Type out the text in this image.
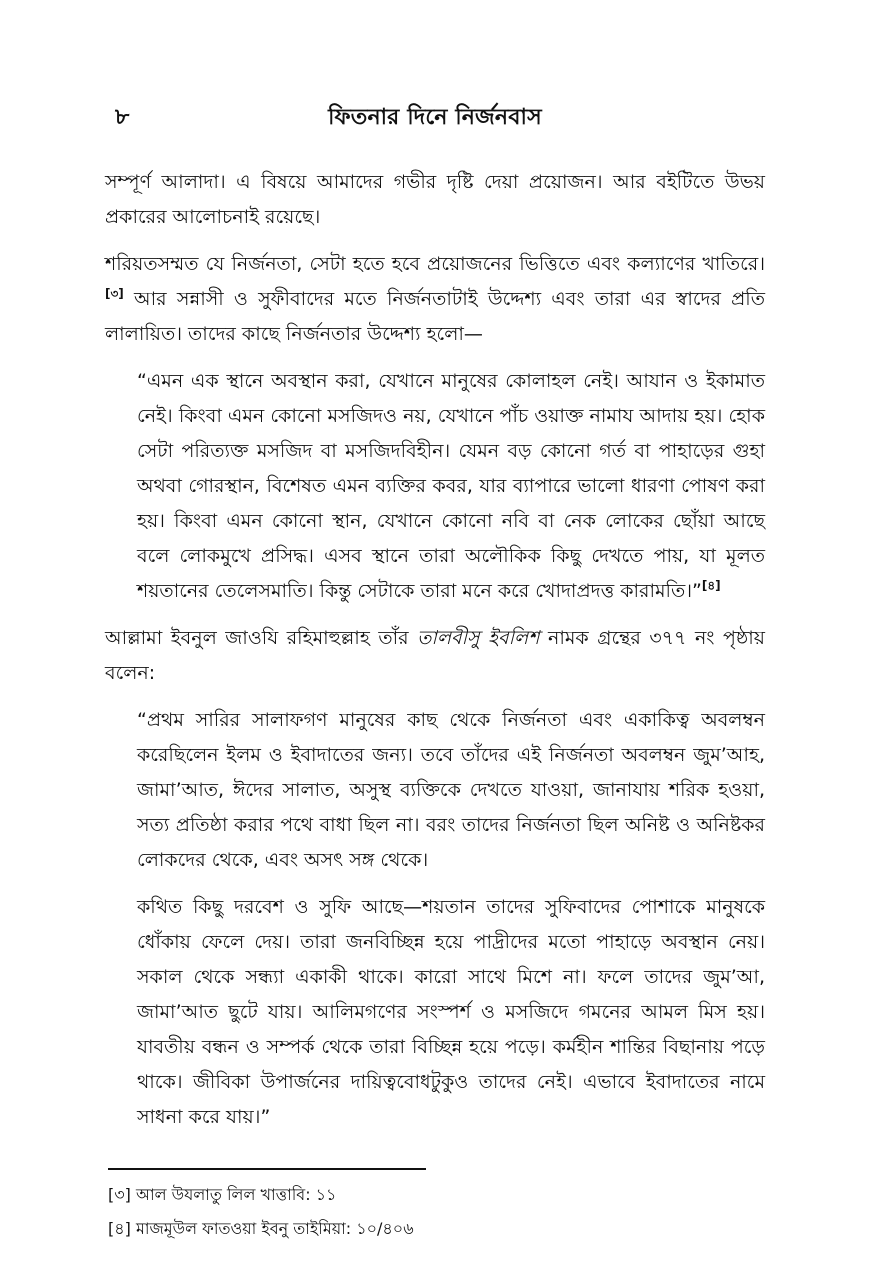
৮	ফিতনার দিনে নির্জনবাস

সম্পূর্ণ আলাদা। এ বিষয়ে আমাদের গভীর দৃষ্টি দেয়া প্রয়োজন। আর বইটিতে উভয় প্রকারের আলোচনাই রয়েছে।

শরিয়তসম্মত যে নির্জনতা, সেটা হতে হবে প্রয়োজনের ভিত্তিতে এবং কল্যাণের খাতিরে।[৩] আর সন্নাসী ও সুফীবাদের মতে নির্জনতাটাই উদ্দেশ্য এবং তারা এর স্বাদের প্রতি লালায়িত। তাদের কাছে নির্জনতার উদ্দেশ্য হলো—

“এমন এক স্থানে অবস্থান করা, যেখানে মানুষের কোলাহল নেই। আযান ও ইকামাত নেই। কিংবা এমন কোনো মসজিদও নয়, যেখানে পাঁচ ওয়াক্ত নামায আদায় হয়। হোক সেটা পরিত্যক্ত মসজিদ বা মসজিদবিহীন। যেমন বড় কোনো গর্ত বা পাহাড়ের গুহা অথবা গোরস্থান, বিশেষত এমন ব্যক্তির কবর, যার ব্যাপারে ভালো ধারণা পোষণ করা হয়। কিংবা এমন কোনো স্থান, যেখানে কোনো নবি বা নেক লোকের ছোঁয়া আছে বলে লোকমুখে প্রসিদ্ধ। এসব স্থানে তারা অলৌকিক কিছু দেখতে পায়, যা মূলত শয়তানের তেলেসমাতি। কিন্তু সেটাকে তারা মনে করে খোদাপ্রদত্ত কারামতি।”[৪]

আল্লামা ইবনুল জাওযি রহিমাহুল্লাহ তাঁর তালবীসু ইবলিশ নামক গ্রন্থের ৩৭৭ নং পৃষ্ঠায় বলেন:

“প্রথম সারির সালাফগণ মানুষের কাছ থেকে নির্জনতা এবং একাকিত্ব অবলম্বন করেছিলেন ইলম ও ইবাদাতের জন্য। তবে তাঁদের এই নির্জনতা অবলম্বন জুম’আহ, জামা’আত, ঈদের সালাত, অসুস্থ ব্যক্তিকে দেখতে যাওয়া, জানাযায় শরিক হওয়া, সত্য প্রতিষ্ঠা করার পথে বাধা ছিল না। বরং তাদের নির্জনতা ছিল অনিষ্ট ও অনিষ্টকর লোকদের থেকে, এবং অসৎ সঙ্গ থেকে।

কথিত কিছু দরবেশ ও সুফি আছে—শয়তান তাদের সুফিবাদের পোশাকে মানুষকে ধোঁকায় ফেলে দেয়। তারা জনবিচ্ছিন্ন হয়ে পাদ্রীদের মতো পাহাড়ে অবস্থান নেয়। সকাল থেকে সন্ধ্যা একাকী থাকে। কারো সাথে মিশে না। ফলে তাদের জুম’আ, জামা’আত ছুটে যায়। আলিমগণের সংস্পর্শ ও মসজিদে গমনের আমল মিস হয়। যাবতীয় বন্ধন ও সম্পর্ক থেকে তারা বিচ্ছিন্ন হয়ে পড়ে। কর্মহীন শান্তির বিছানায় পড়ে থাকে। জীবিকা উপার্জনের দায়িত্ববোধটুকুও তাদের নেই। এভাবে ইবাদাতের নামে সাধনা করে যায়।”

[৩] আল উযলাতু লিল খাত্তাবি: ১১
[৪] মাজমূউল ফাতওয়া ইবনু তাইমিয়া: ১০/৪০৬
